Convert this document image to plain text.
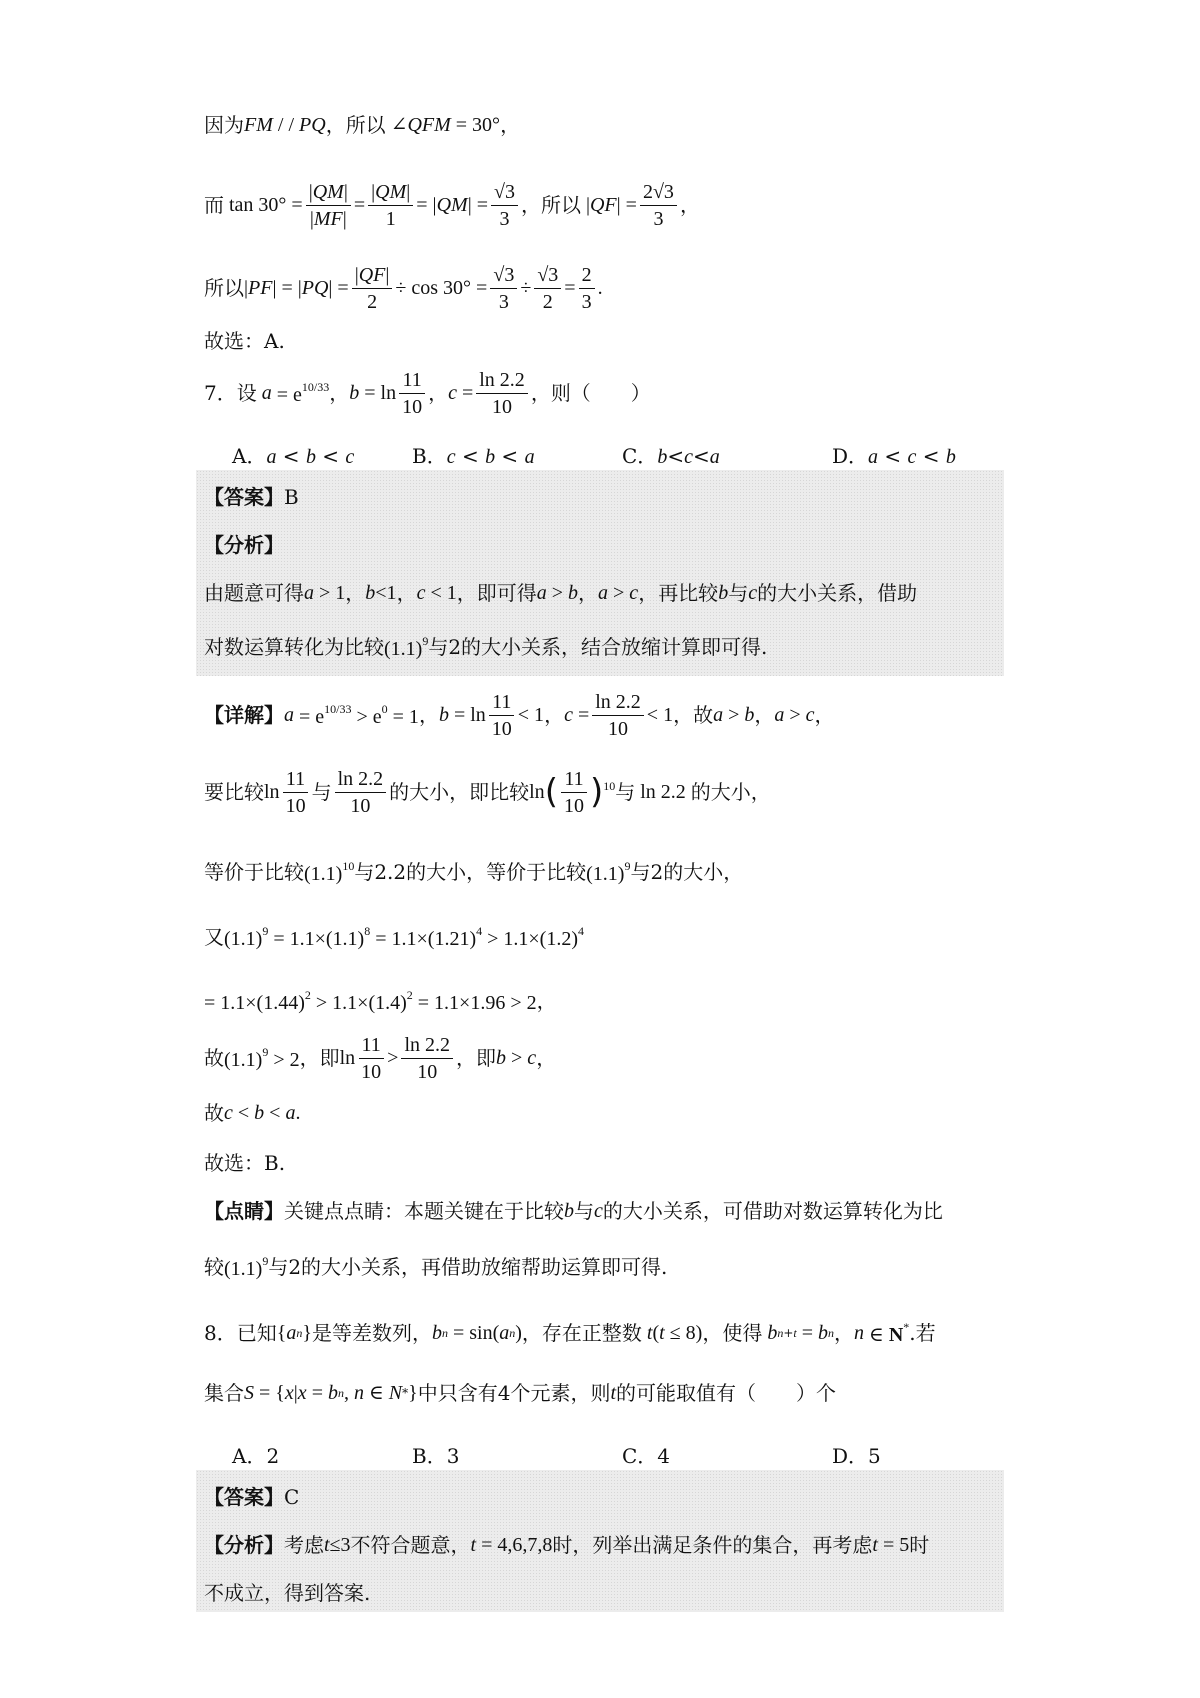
因为 FM / / PQ ， 所以 ∠ QFM = 30° ，
而 $\tan 30^\circ = \frac{|QM|}{|MF|} = \frac{|QM|}{1}$ = | QM | = $\frac{√3}{3}$ ， 所以 | QF | = $\frac{2√3}{3}$ ，
所以 | PF | = | PQ | = $\frac{|QF|}{2} \div \cos 30^\circ = \frac{√3}{3} \div \frac{√3}{2} = \frac{2}{3}$ .
故选：A.
7．设 $a = e^{10/33}$ ， $b = \ln \frac{11}{10}$ ， $c = \frac{\ln 2.2}{10}$ ， 则（　　）
A．a < b < c	B．c < b < a	C．b<c<a	D．a < c < b
【答案】 B
【分析】
由题意可得 a > 1 ， b <1 ， c < 1 ， 即可得 a > b ， a > c ， 再比较 b 与 c 的大小关系，借助
对数运算转化为比较 $(1.1)^9$ 与2的大小关系，结合放缩计算即可得.
【详解】 $a = e^{10/33} > e^0 = 1$ ， $b = \ln \frac{11}{10} < 1$ ， $c = \frac{\ln 2.2}{10} < 1$ ， 故 a > b ， a > c ，
要比较 $\ln \frac{11}{10}$ 与 $\frac{\ln 2.2}{10}$ 的大小，即比较 ln ( $\frac{11}{10}$ ) $^{10}$ 与 ln 2.2 的大小，
等价于比较 $(1.1)^{10}$ 与2.2的大小，等价于比较 $(1.1)^9$ 与2的大小，
又 $(1.1)^9 = 1.1\times(1.1)^8 = 1.1\times(1.21)^4 > 1.1\times(1.2)^4$
= $1.1\times(1.44)^2 > 1.1\times(1.4)^2 = 1.1\times 1.96 > 2$ ，
故 $(1.1)^9 > 2$ ， 即 $\ln \frac{11}{10} > \frac{\ln 2.2}{10}$ ， 即 b > c ，
故 c < b < a .
故选：B.
【点睛】 关键点点睛：本题关键在于比较 b 与 c 的大小关系，可借助对数运算转化为比
较 $(1.1)^9$ 与2的大小关系，再借助放缩帮助运算即可得.
8．已知 { a n } 是等差数列， b n = sin( a n ) ， 存在正整数 t ( t ≤ 8) ， 使得 b n+t = b n ， n ∈ N* .若
集合 S = { x | x = b n , n ∈ N * } 中只含有4个元素，则 t 的可能取值有（　　）个
A．2	B．3	C．4	D．5
【答案】 C
【分析】 考虑 t ≤3 不符合题意， t = 4,6,7,8 时，列举出满足条件的集合，再考虑 t = 5 时
不成立，得到答案.
